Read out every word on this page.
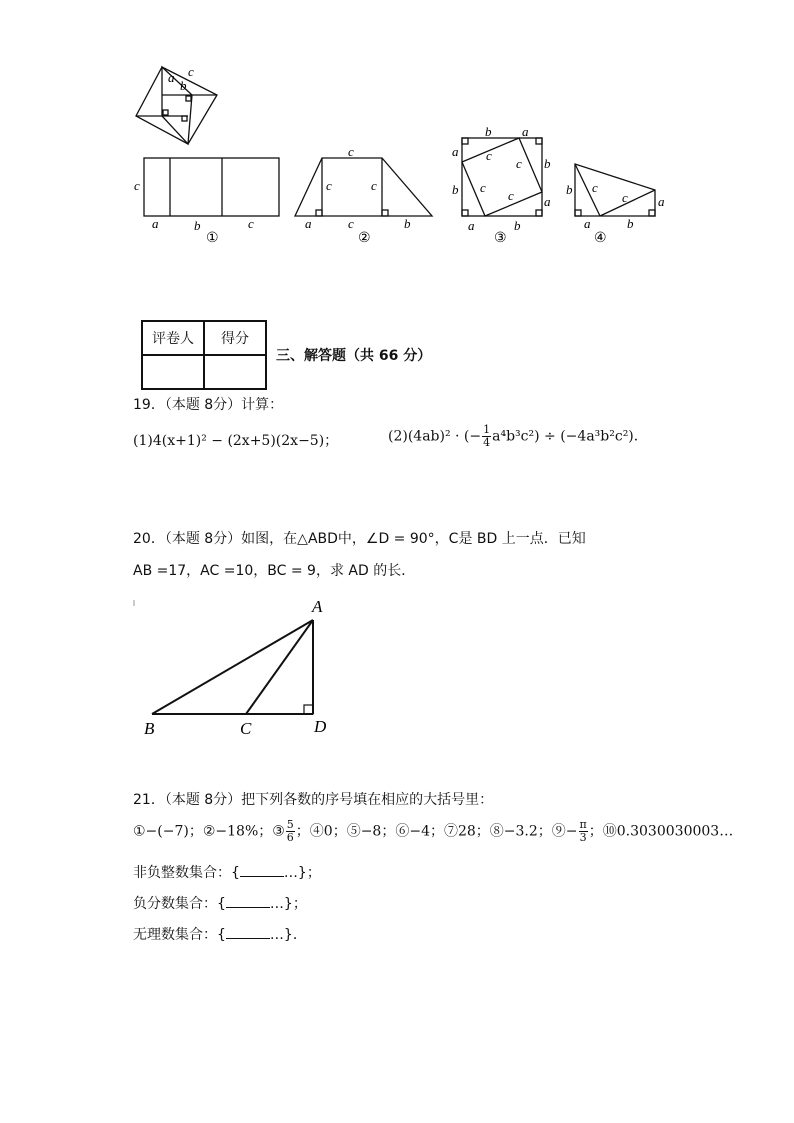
a c
b
c
a	b	c
①
c
c	c
a	c	b
②
b a
a
b
b
a
a	b
c
c
c
c
③
b c
c a
a	b
④
评卷人	得分

三、解答题（共 66 分）
19．（本题 8分）计算：
(1)4(x+1)² − (2x+5)(2x−5)；	(2)(4ab)² · (− $\frac{1}{4} a^4b^3c^2) \div (-4a^3b^2c^2)$．
20．（本题 8分）如图，在△ABD中，∠D = 90°，C是 BD 上一点．已知
AB =17，AC =10，BC = 9，求 AD 的长．
A
B	C	D
21．（本题 8分）把下列各数的序号填在相应的大括号里：
①−(−7)；②−18%；③ $\frac{5}{6}$ ；④0；⑤−8；⑥−4；⑦28；⑧−3.2；⑨− $\frac{\pi}{3}$ ；⑩0.3030030003…
非负整数集合：{	…}；
负分数集合：{	…}；
无理数集合：{	…}．
